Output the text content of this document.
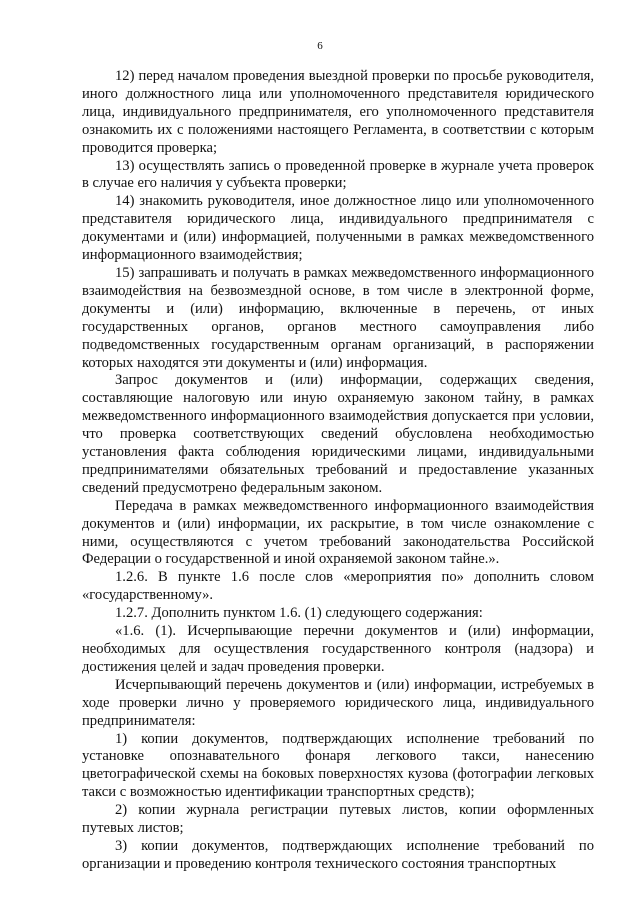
6

12) перед началом проведения выездной проверки по просьбе руководителя, иного должностного лица или уполномоченного представителя юридического лица, индивидуального предпринимателя, его уполномоченного представителя ознакомить их с положениями настоящего Регламента, в соответствии с которым проводится проверка;

13) осуществлять запись о проведенной проверке в журнале учета проверок в случае его наличия у субъекта проверки;

14) знакомить руководителя, иное должностное лицо или уполномоченного представителя юридического лица, индивидуального предпринимателя с документами и (или) информацией, полученными в рамках межведомственного информационного взаимодействия;

15) запрашивать и получать в рамках межведомственного информационного взаимодействия на безвозмездной основе, в том числе в электронной форме, документы и (или) информацию, включенные в перечень, от иных государственных органов, органов местного самоуправления либо подведомственных государственным органам организаций, в распоряжении которых находятся эти документы и (или) информация.

Запрос документов и (или) информации, содержащих сведения, составляющие налоговую или иную охраняемую законом тайну, в рамках межведомственного информационного взаимодействия допускается при условии, что проверка соответствующих сведений обусловлена необходимостью установления факта соблюдения юридическими лицами, индивидуальными предпринимателями обязательных требований и предоставление указанных сведений предусмотрено федеральным законом.

Передача в рамках межведомственного информационного взаимодействия документов и (или) информации, их раскрытие, в том числе ознакомление с ними, осуществляются с учетом требований законодательства Российской Федерации о государственной и иной охраняемой законом тайне.».

1.2.6. В пункте 1.6 после слов «мероприятия по» дополнить словом «государственному».

1.2.7. Дополнить пунктом 1.6. (1) следующего содержания:

«1.6. (1). Исчерпывающие перечни документов и (или) информации, необходимых для осуществления государственного контроля (надзора) и достижения целей и задач проведения проверки.

Исчерпывающий перечень документов и (или) информации, истребуемых в ходе проверки лично у проверяемого юридического лица, индивидуального предпринимателя:

1) копии документов, подтверждающих исполнение требований по установке опознавательного фонаря легкового такси, нанесению цветографической схемы на боковых поверхностях кузова (фотографии легковых такси с возможностью идентификации транспортных средств);

2) копии журнала регистрации путевых листов, копии оформленных путевых листов;

3) копии документов, подтверждающих исполнение требований по организации и проведению контроля технического состояния транспортных
